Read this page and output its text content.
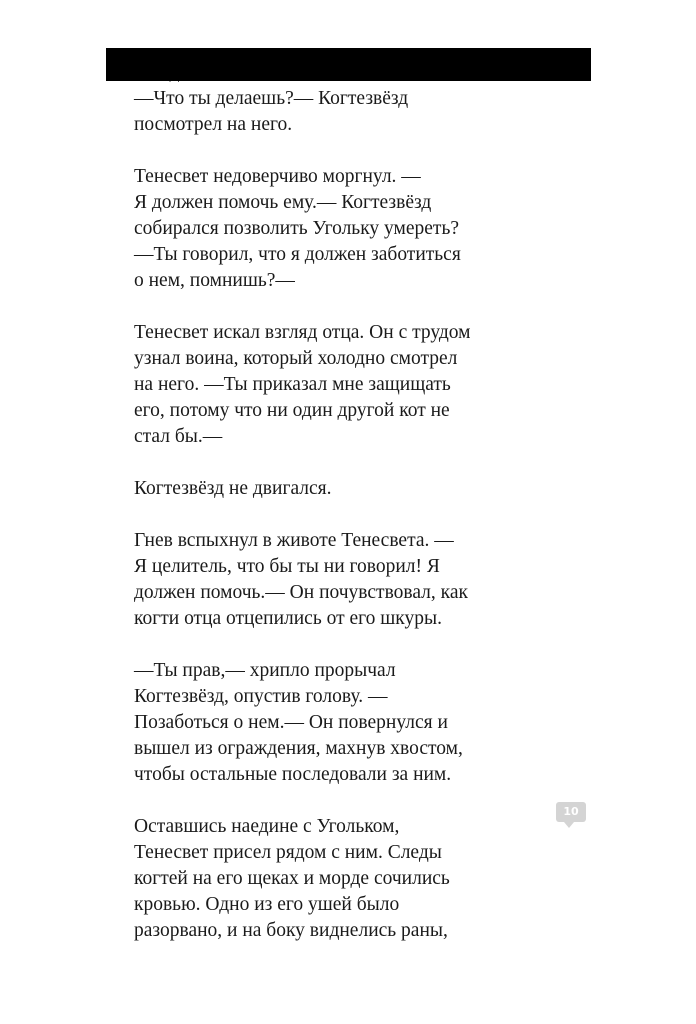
—Что ты делаешь?— Когтезвёзд
посмотрел на него.
Тенесвет недоверчиво моргнул. —
Я должен помочь ему.— Когтезвёзд
собирался позволить Угольку умереть?
—Ты говорил, что я должен заботиться
о нем, помнишь?—
Тенесвет искал взгляд отца. Он с трудом
узнал воина, который холодно смотрел
на него. —Ты приказал мне защищать
его, потому что ни один другой кот не
стал бы.—
Когтезвёзд не двигался.
Гнев вспыхнул в животе Тенесвета. —
Я целитель, что бы ты ни говорил! Я
должен помочь.— Он почувствовал, как
когти отца отцепились от его шкуры.
—Ты прав,— хрипло прорычал
Когтезвёзд, опустив голову. —
Позаботься о нем.— Он повернулся и
вышел из ограждения, махнув хвостом,
чтобы остальные последовали за ним.
Оставшись наедине с Угольком,
Тенесвет присел рядом с ним. Следы
когтей на его щеках и морде сочились
кровью. Одно из его ушей было
разорвано, и на боку виднелись раны,
10
